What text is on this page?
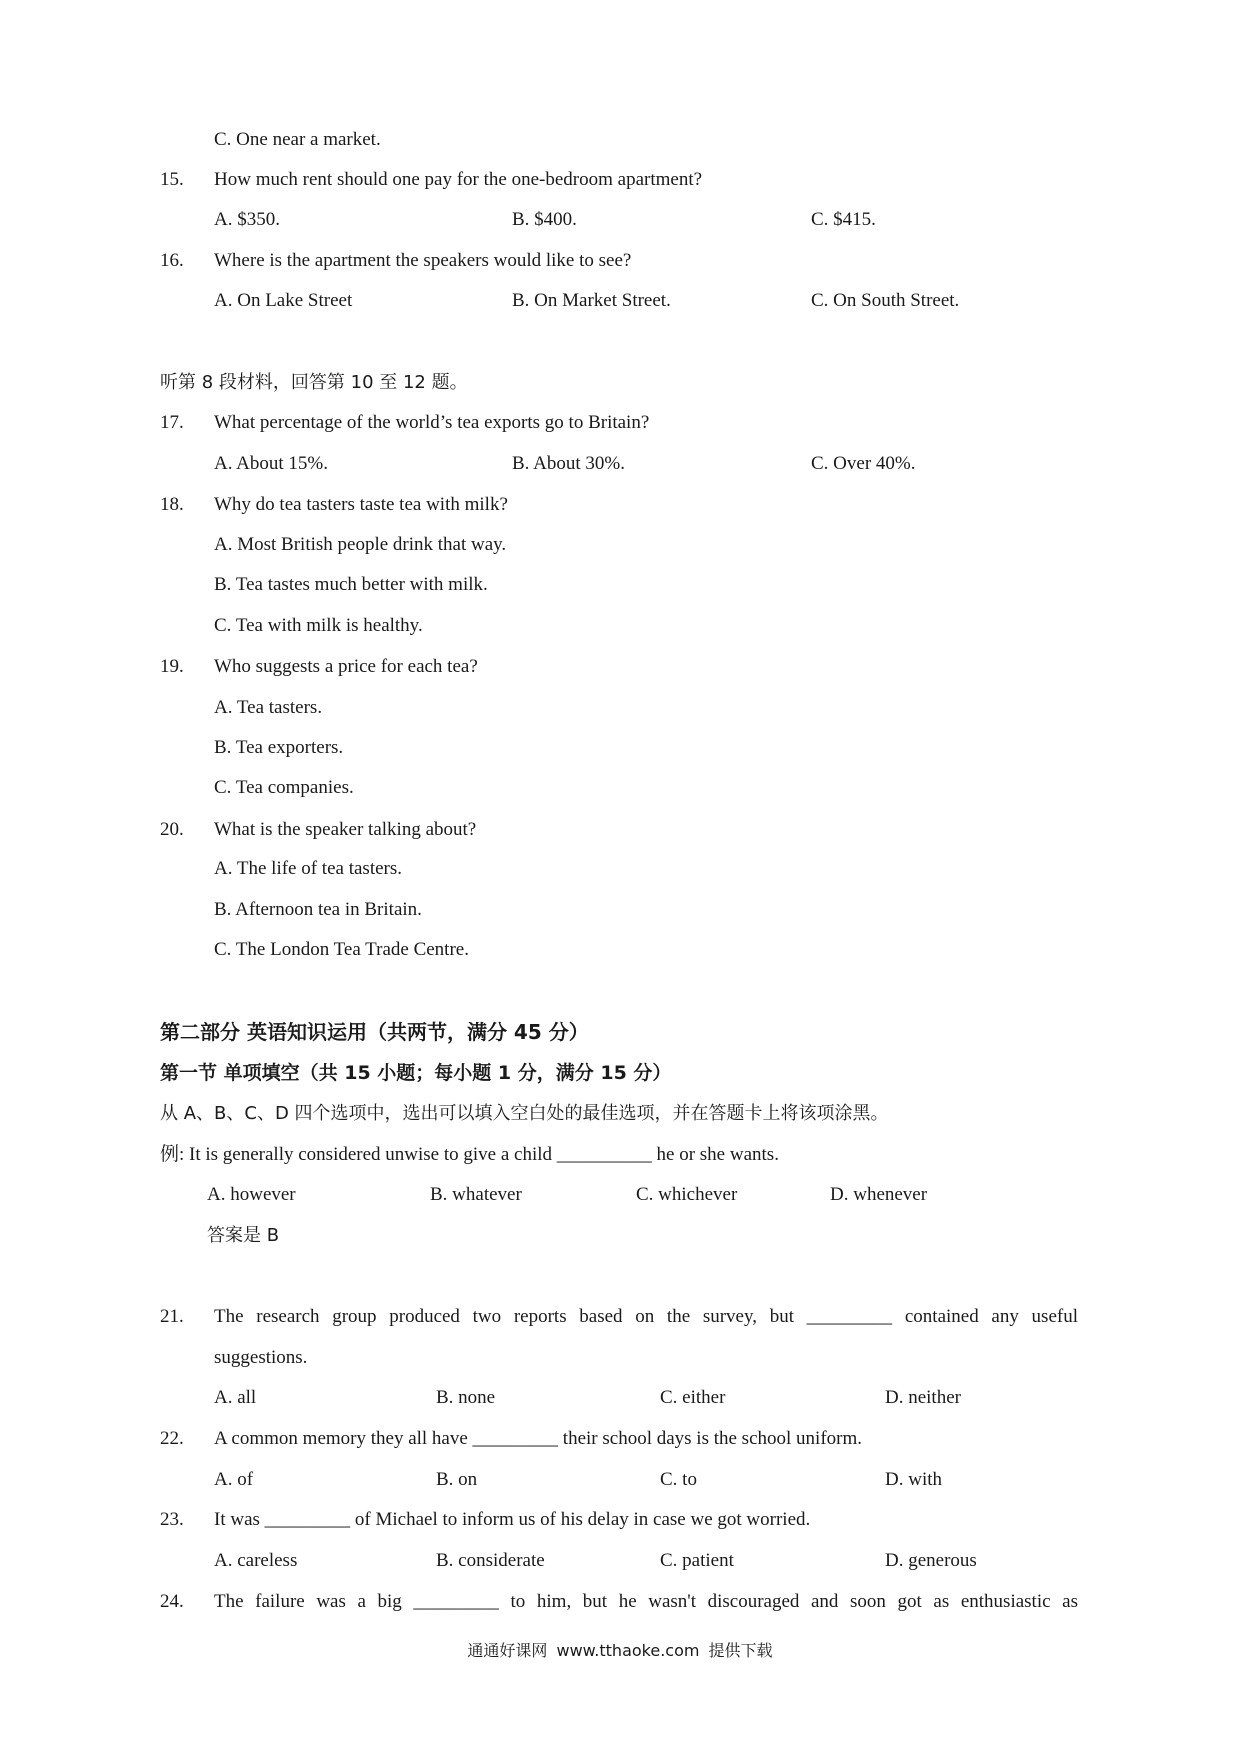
C. One near a market.
15. How much rent should one pay for the one-bedroom apartment?
A. $350.	B. $400.	C. $415.
16. Where is the apartment the speakers would like to see?
A. On Lake Street	B. On Market Street.	C. On South Street.
听第 8 段材料，回答第 10 至 12 题。
17. What percentage of the world’s tea exports go to Britain?
A. About 15%.	B. About 30%.	C. Over 40%.
18. Why do tea tasters taste tea with milk?
A. Most British people drink that way.
B. Tea tastes much better with milk.
C. Tea with milk is healthy.
19. Who suggests a price for each tea?
A. Tea tasters.
B. Tea exporters.
C. Tea companies.
20. What is the speaker talking about?
A. The life of tea tasters.
B. Afternoon tea in Britain.
C. The London Tea Trade Centre.
第二部分 英语知识运用（共两节，满分 45 分）
第一节 单项填空（共 15 小题；每小题 1 分，满分 15 分）
从 A、B、C、D 四个选项中，选出可以填入空白处的最佳选项，并在答题卡上将该项涂黑。
例: It is generally considered unwise to give a child __________ he or she wants.
A. however	B. whatever	C. whichever	D. whenever
答案是 B
21. The research group produced two reports based on the survey, but _________ contained any useful
suggestions.
A. all	B. none	C. either	D. neither
22. A common memory they all have _________ their school days is the school uniform.
A. of	B. on	C. to	D. with
23. It was _________ of Michael to inform us of his delay in case we got worried.
A. careless	B. considerate	C. patient	D. generous
24. The failure was a big _________ to him, but he wasn't discouraged and soon got as enthusiastic as
通通好课网 www.tthaoke.com 提供下载
